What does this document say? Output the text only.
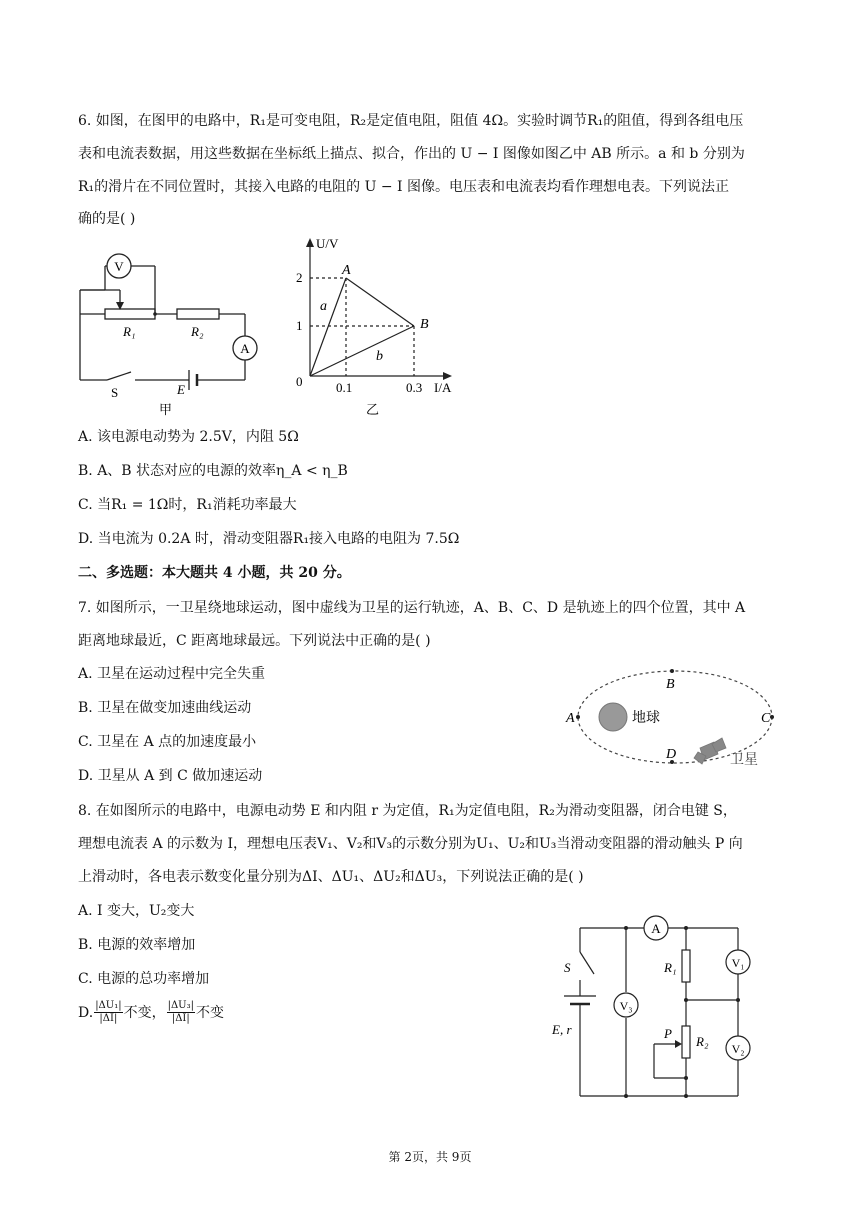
6. 如图，在图甲的电路中，R₁是可变电阻，R₂是定值电阻，阻值 4Ω。实验时调节R₁的阻值，得到各组电压
表和电流表数据，用这些数据在坐标纸上描点、拟合，作出的 U − I 图像如图乙中 AB 所示。a 和 b 分别为
R₁的滑片在不同位置时，其接入电路的电阻的 U − I 图像。电压表和电流表均看作理想电表。下列说法正
确的是( )
V
A
R₁	R₂
S	E
甲
U/V
I/A
2
1
0	0.1	0.3
A
B
a
b
乙
A. 该电源电动势为 2.5V，内阻 5Ω
B. A、B 状态对应的电源的效率η_A < η_B
C. 当R₁ = 1Ω时，R₁消耗功率最大
D. 当电流为 0.2A 时，滑动变阻器R₁接入电路的电阻为 7.5Ω
二、多选题：本大题共 4 小题，共 20 分。
7. 如图所示，一卫星绕地球运动，图中虚线为卫星的运行轨迹，A、B、C、D 是轨迹上的四个位置，其中 A
距离地球最近，C 距离地球最远。下列说法中正确的是( )
A. 卫星在运动过程中完全失重
B. 卫星在做变加速曲线运动
C. 卫星在 A 点的加速度最小
D. 卫星从 A 到 C 做加速运动
地球
卫星
A
B
C
D
8. 在如图所示的电路中，电源电动势 E 和内阻 r 为定值，R₁为定值电阻，R₂为滑动变阻器，闭合电键 S，
理想电流表 A 的示数为 I，理想电压表V₁、V₂和V₃的示数分别为U₁、U₂和U₃当滑动变阻器的滑动触头 P 向
上滑动时，各电表示数变化量分别为ΔI、ΔU₁、ΔU₂和ΔU₃，下列说法正确的是( )
A. I 变大，U₂变大
B. 电源的效率增加
C. 电源的总功率增加
D. $\frac{\text{|ΔU₁|}}{|\Delta I|}$ 不变， $\frac{\text{|ΔU₃|}}{|\Delta I|}$ 不变
A
V₃
V₁
V₂
S	R₁
R₂
P
E, r
第 2页，共 9页
